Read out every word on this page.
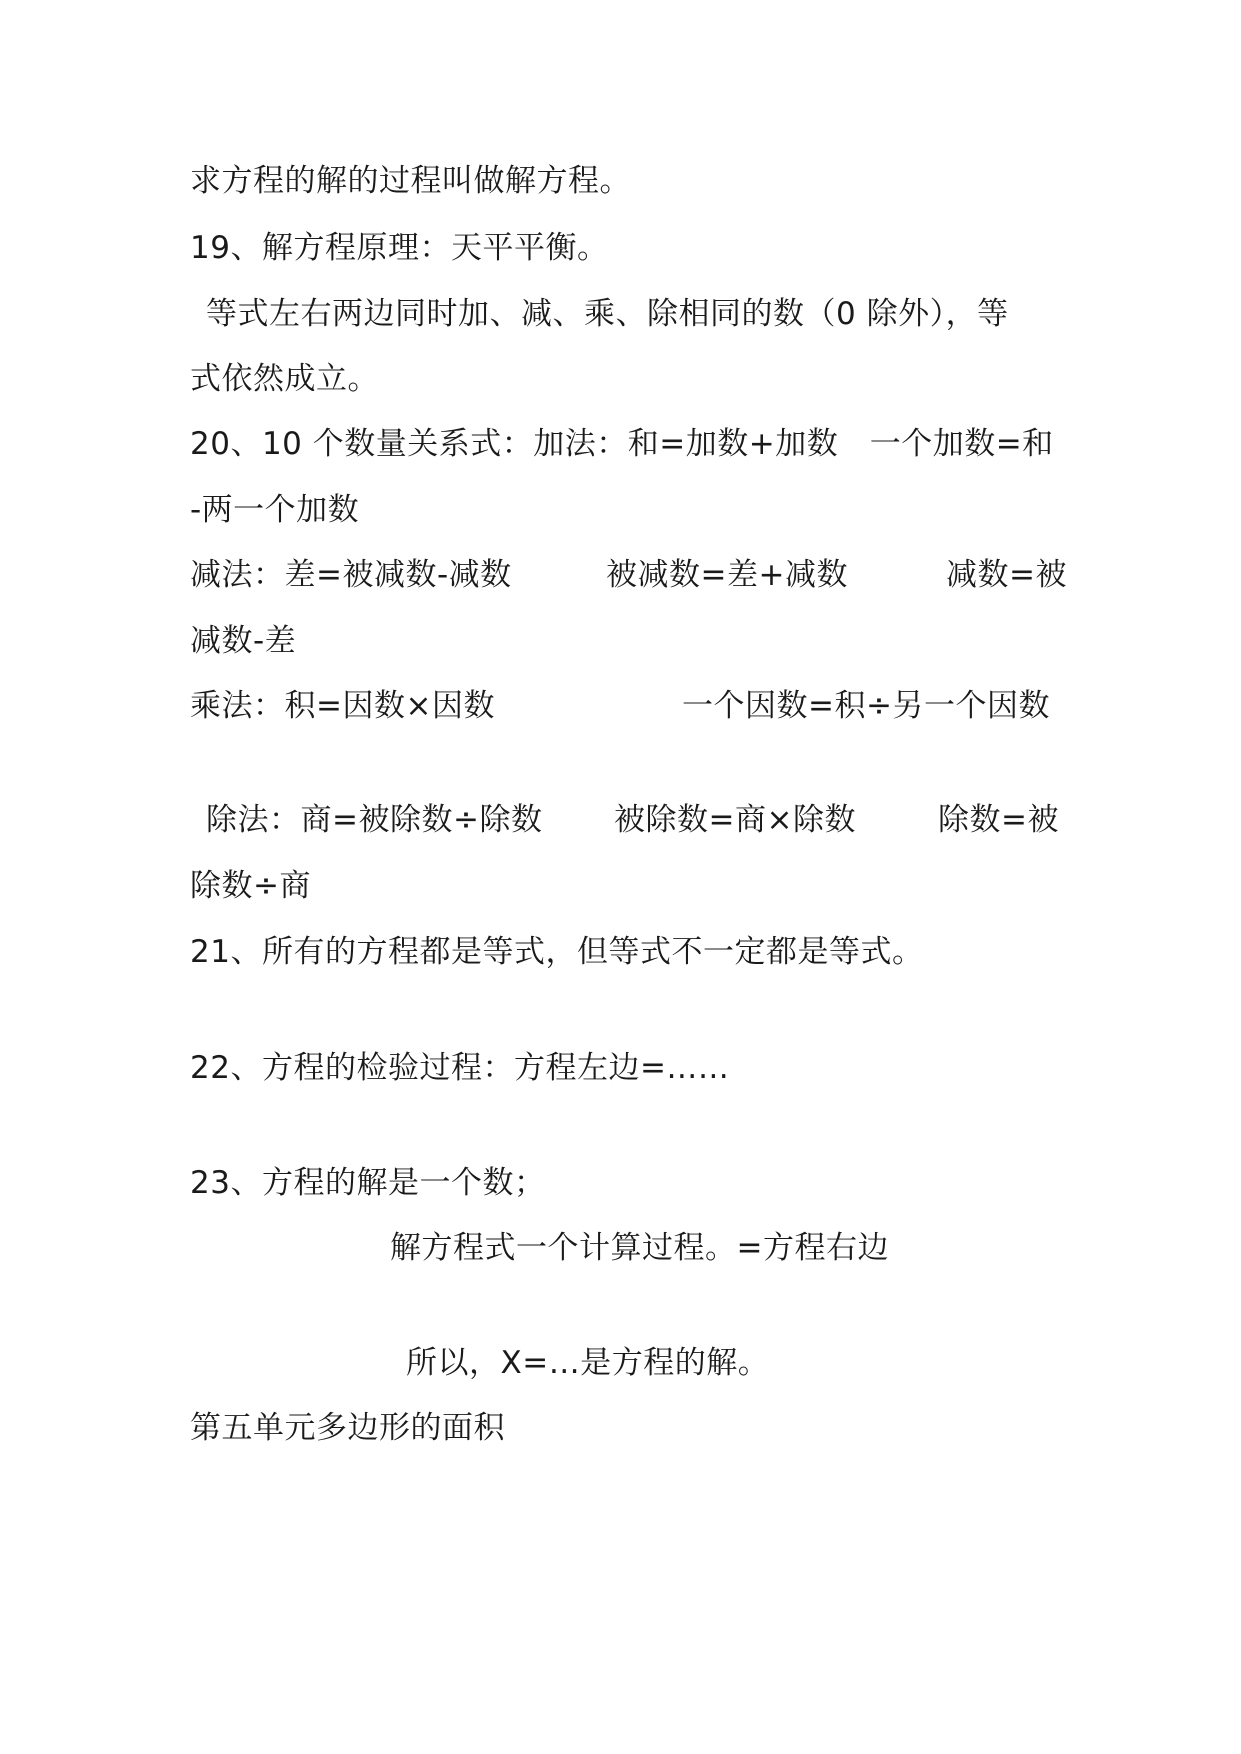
求方程的解的过程叫做解方程。

19、解方程原理：天平平衡。

等式左右两边同时加、减、乘、除相同的数（0 除外），等

式依然成立。

20、10 个数量关系式：加法：和=加数+加数　一个加数=和

-两一个加数

减法：差=被减数-减数	被减数=差+减数	减数=被

减数-差

乘法：积=因数×因数	一个因数=积÷另一个因数

除法：商=被除数÷除数 被除数=商×除数	除数=被

除数÷商

21、所有的方程都是等式，但等式不一定都是等式。

22、方程的检验过程：方程左边=……

23、方程的解是一个数；

解方程式一个计算过程。=方程右边

所以，X=…是方程的解。

第五单元多边形的面积
